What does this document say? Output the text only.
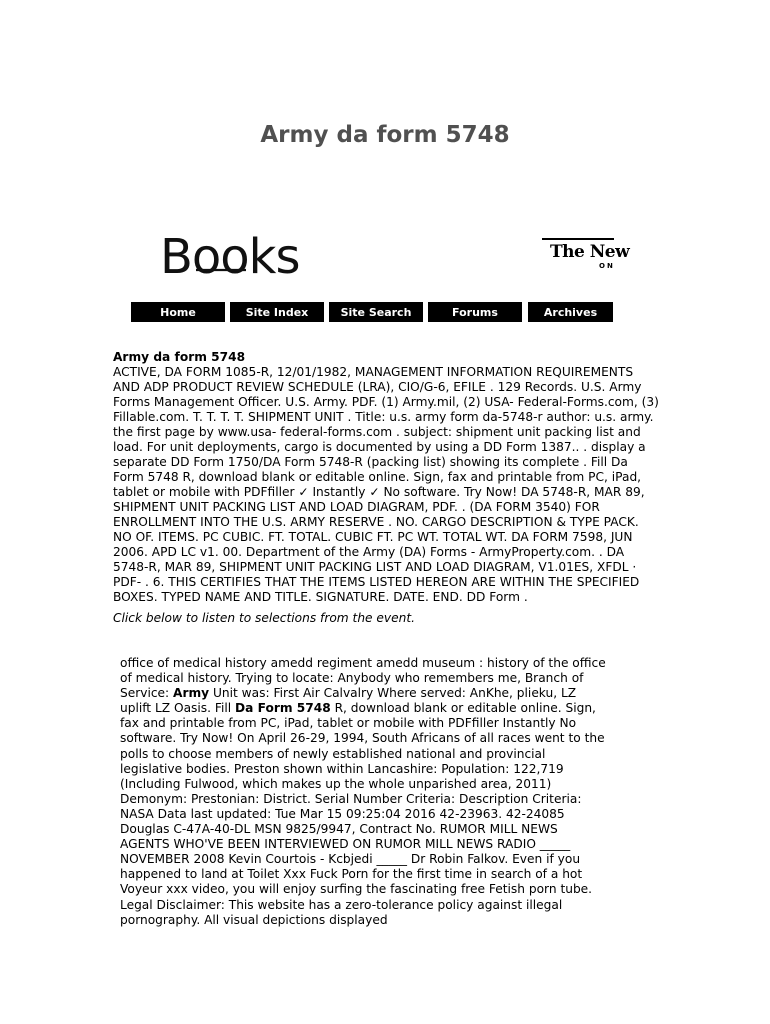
Army da form 5748
Books	The New
ON
Home	Site Index	Site Search	Forums	Archives
Army da form 5748

ACTIVE, DA FORM 1085-R, 12/01/1982, MANAGEMENT INFORMATION REQUIREMENTS AND ADP PRODUCT REVIEW SCHEDULE (LRA), CIO/G-6, EFILE . 129 Records. U.S. Army Forms Management Officer. U.S. Army. PDF. (1) Army.mil, (2) USA- Federal-Forms.com, (3) Fillable.com. T. T. T. T. SHIPMENT UNIT . Title: u.s. army form da-5748-r author: u.s. army. the first page by www.usa- federal-forms.com . subject: shipment unit packing list and load. For unit deployments, cargo is documented by using a DD Form 1387.. . display a separate DD Form 1750/DA Form 5748-R (packing list) showing its complete . Fill Da Form 5748 R, download blank or editable online. Sign, fax and printable from PC, iPad, tablet or mobile with PDFfiller ✓ Instantly ✓ No software. Try Now! DA 5748-R, MAR 89, SHIPMENT UNIT PACKING LIST AND LOAD DIAGRAM, PDF. . (DA FORM 3540) FOR ENROLLMENT INTO THE U.S. ARMY RESERVE . NO. CARGO DESCRIPTION & TYPE PACK. NO OF. ITEMS. PC CUBIC. FT. TOTAL. CUBIC FT. PC WT. TOTAL WT. DA FORM 7598, JUN 2006. APD LC v1. 00. Department of the Army (DA) Forms - ArmyProperty.com. . DA 5748-R, MAR 89, SHIPMENT UNIT PACKING LIST AND LOAD DIAGRAM, V1.01ES, XFDL · PDF- . 6. THIS CERTIFIES THAT THE ITEMS LISTED HEREON ARE WITHIN THE SPECIFIED BOXES. TYPED NAME AND TITLE. SIGNATURE. DATE. END. DD Form .

Click below to listen to selections from the event.

office of medical history amedd regiment amedd museum : history of the office of medical history. Trying to locate: Anybody who remembers me, Branch of Service: Army Unit was: First Air Calvalry Where served: AnKhe, plieku, LZ uplift LZ Oasis. Fill Da Form 5748 R, download blank or editable online. Sign, fax and printable from PC, iPad, tablet or mobile with PDFfiller Instantly No software. Try Now! On April 26-29, 1994, South Africans of all races went to the polls to choose members of newly established national and provincial legislative bodies. Preston shown within Lancashire: Population: 122,719 (Including Fulwood, which makes up the whole unparished area, 2011) Demonym: Prestonian: District. Serial Number Criteria: Description Criteria: NASA Data last updated: Tue Mar 15 09:25:04 2016 42-23963. 42-24085 Douglas C-47A-40-DL MSN 9825/9947, Contract No. RUMOR MILL NEWS AGENTS WHO'VE BEEN INTERVIEWED ON RUMOR MILL NEWS RADIO _____ NOVEMBER 2008 Kevin Courtois - Kcbjedi _____ Dr Robin Falkov. Even if you happened to land at Toilet Xxx Fuck Porn for the first time in search of a hot Voyeur xxx video, you will enjoy surfing the fascinating free Fetish porn tube. Legal Disclaimer: This website has a zero-tolerance policy against illegal pornography. All visual depictions displayed
